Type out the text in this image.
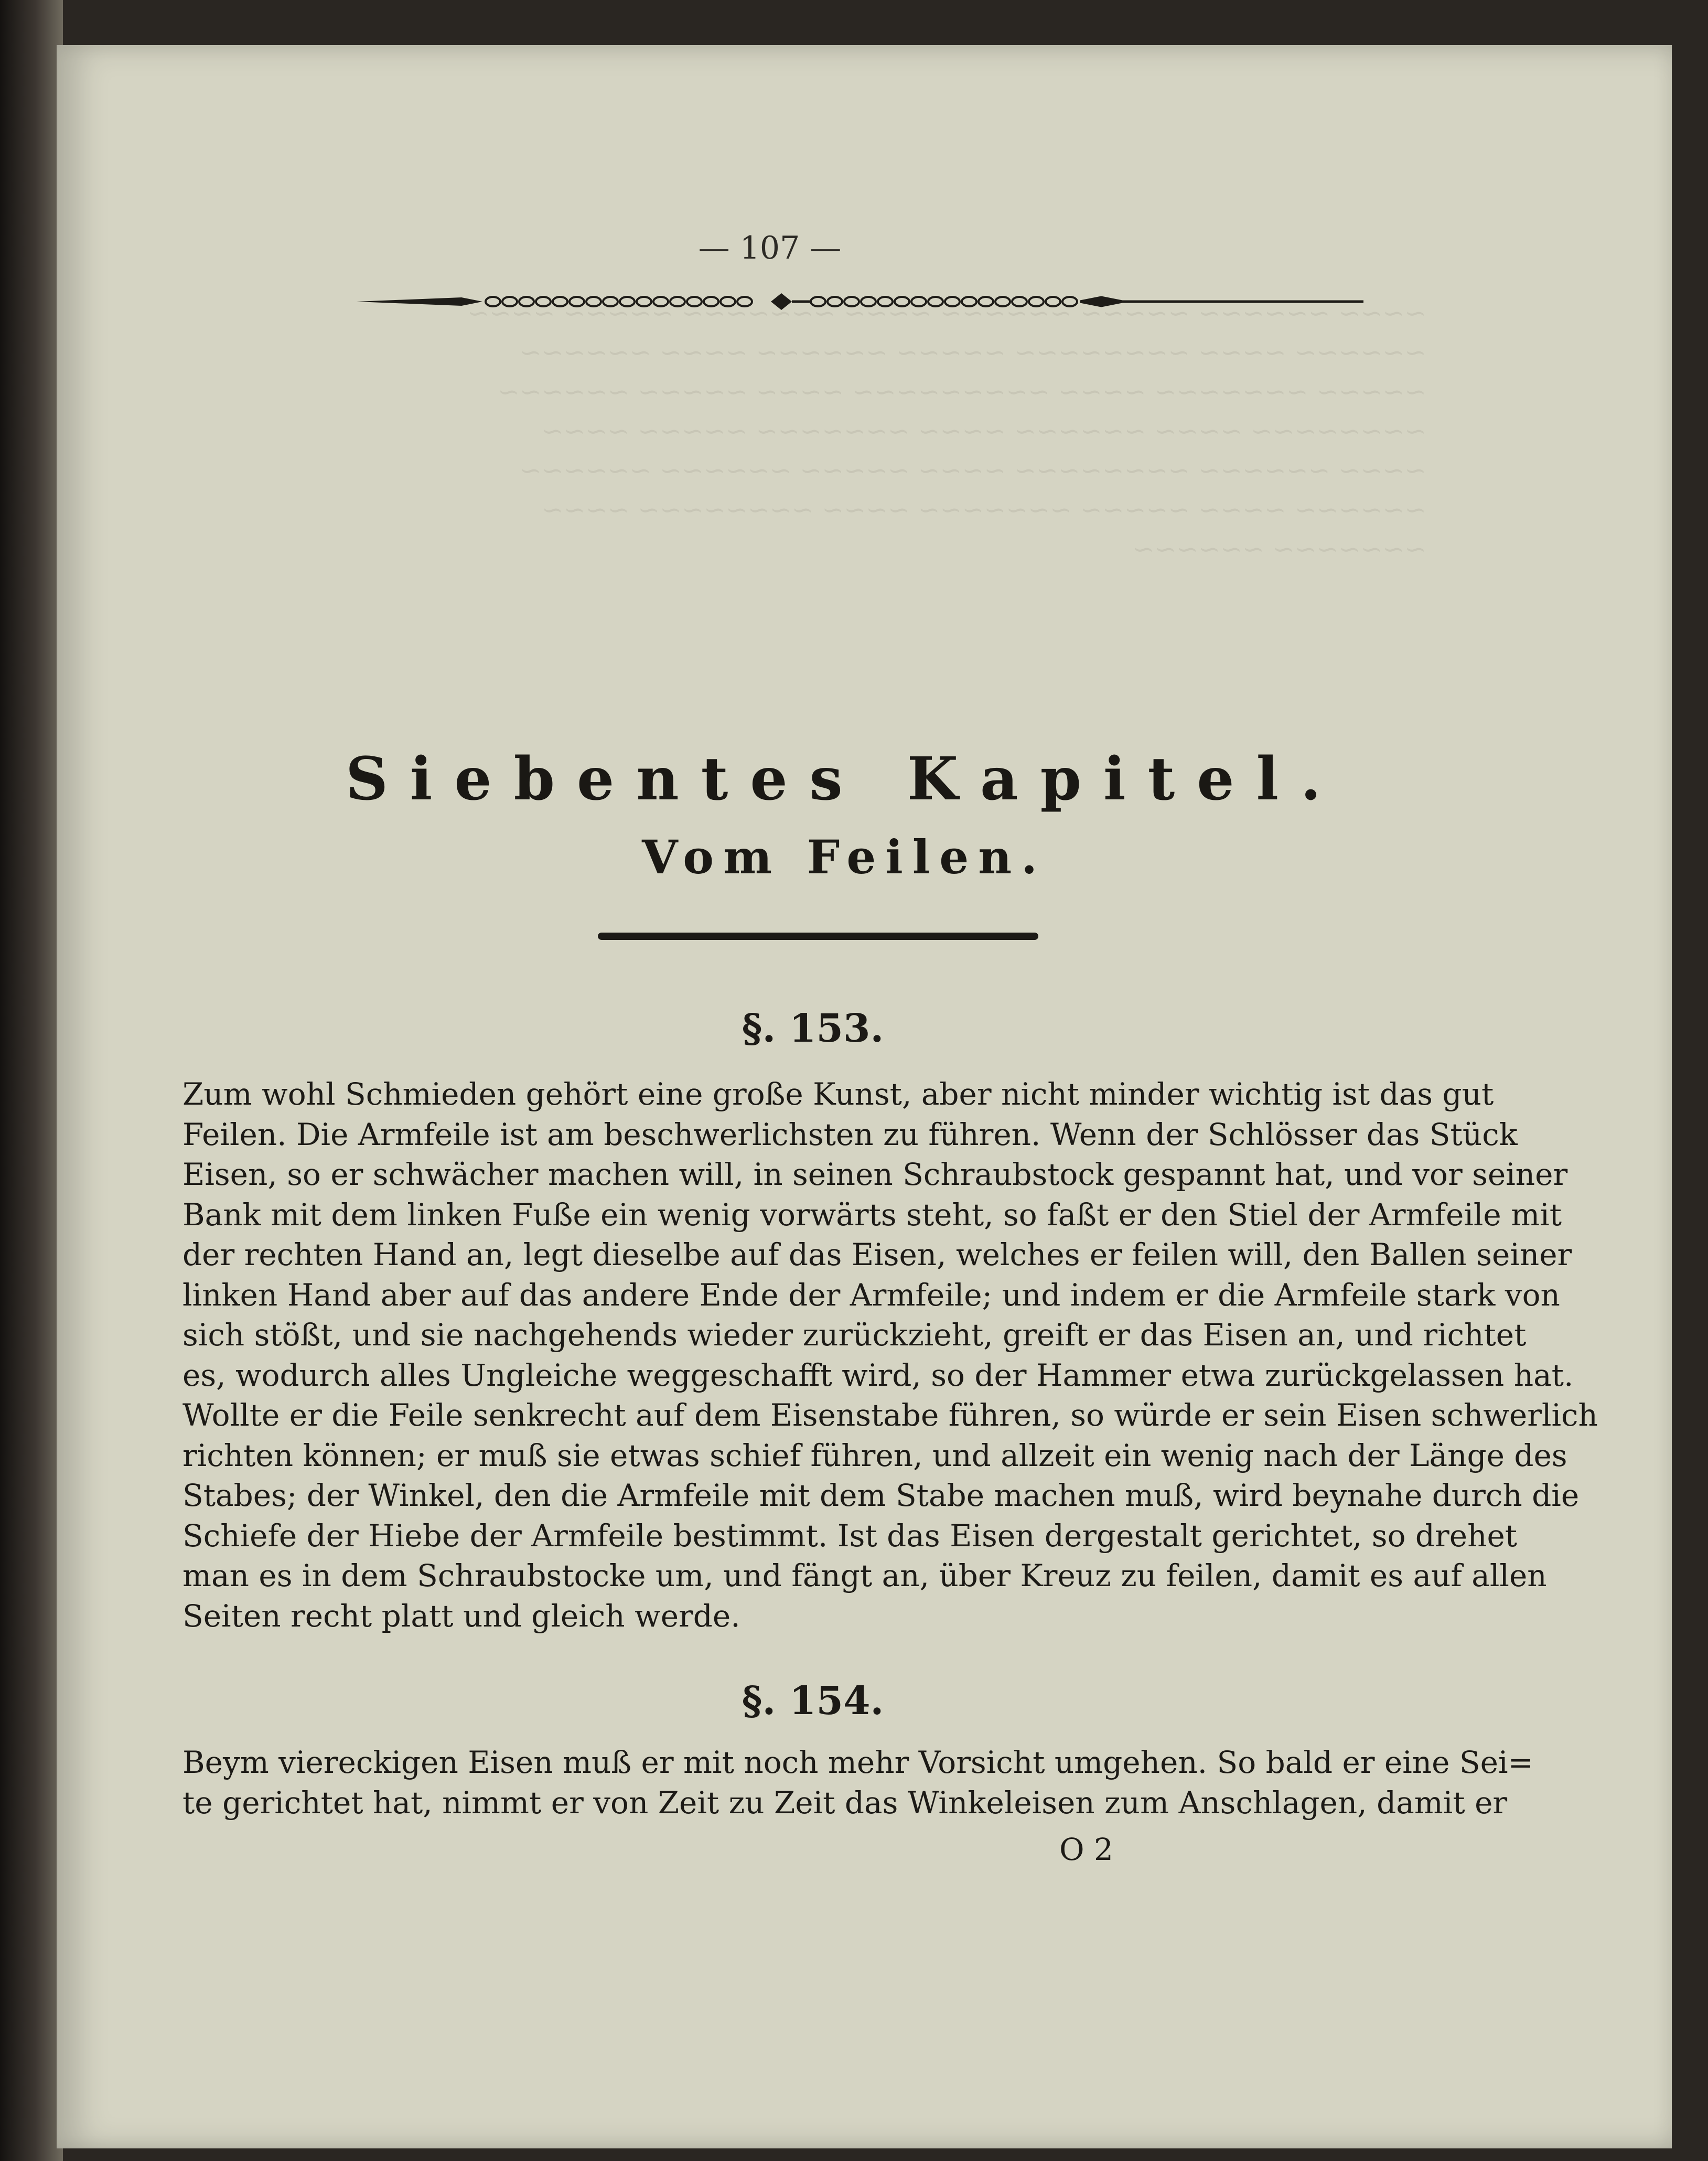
— 107 —
Siebentes Kapitel.
Vom Feilen.
§. 153.
Zum wohl Schmieden gehört eine große Kunst, aber nicht minder wichtig ist das gut
Feilen. Die Armfeile ist am beschwerlichsten zu führen. Wenn der Schlösser das Stück
Eisen, so er schwächer machen will, in seinen Schraubstock gespannt hat, und vor seiner
Bank mit dem linken Fuße ein wenig vorwärts steht, so faßt er den Stiel der Armfeile mit
der rechten Hand an, legt dieselbe auf das Eisen, welches er feilen will, den Ballen seiner
linken Hand aber auf das andere Ende der Armfeile; und indem er die Armfeile stark von
sich stößt, und sie nachgehends wieder zurückzieht, greift er das Eisen an, und richtet
es, wodurch alles Ungleiche weggeschafft wird, so der Hammer etwa zurückgelassen hat.
Wollte er die Feile senkrecht auf dem Eisenstabe führen, so würde er sein Eisen schwerlich
richten können; er muß sie etwas schief führen, und allzeit ein wenig nach der Länge des
Stabes; der Winkel, den die Armfeile mit dem Stabe machen muß, wird beynahe durch die
Schiefe der Hiebe der Armfeile bestimmt. Ist das Eisen dergestalt gerichtet, so drehet
man es in dem Schraubstocke um, und fängt an, über Kreuz zu feilen, damit es auf allen
Seiten recht platt und gleich werde.
§. 154.
Beym viereckigen Eisen muß er mit noch mehr Vorsicht umgehen. So bald er eine Sei=
te gerichtet hat, nimmt er von Zeit zu Zeit das Winkeleisen zum Anschlagen, damit er
O 2
